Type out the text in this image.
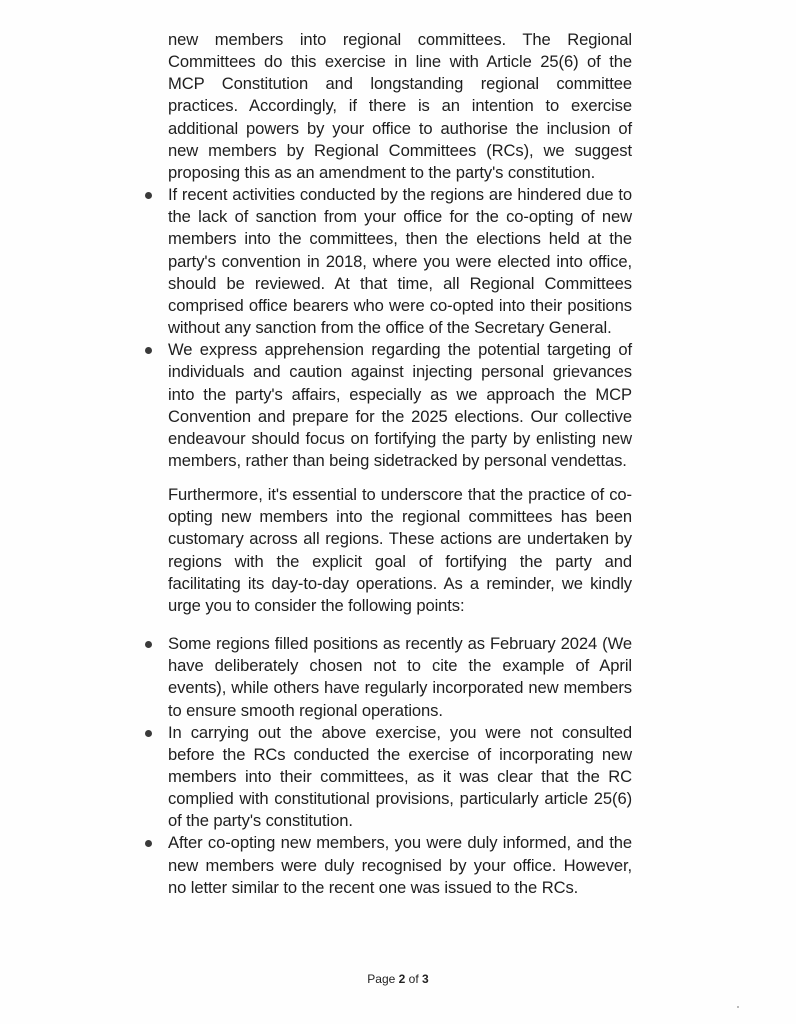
new members into regional committees. The Regional Committees do this exercise in line with Article 25(6) of the MCP Constitution and longstanding regional committee practices. Accordingly, if there is an intention to exercise additional powers by your office to authorise the inclusion of new members by Regional Committees (RCs), we suggest proposing this as an amendment to the party's constitution.

If recent activities conducted by the regions are hindered due to the lack of sanction from your office for the co-opting of new members into the committees, then the elections held at the party's convention in 2018, where you were elected into office, should be reviewed. At that time, all Regional Committees comprised office bearers who were co-opted into their positions without any sanction from the office of the Secretary General.
We express apprehension regarding the potential targeting of individuals and caution against injecting personal grievances into the party's affairs, especially as we approach the MCP Convention and prepare for the 2025 elections. Our collective endeavour should focus on fortifying the party by enlisting new members, rather than being sidetracked by personal vendettas.

Furthermore, it's essential to underscore that the practice of co-opting new members into the regional committees has been customary across all regions. These actions are undertaken by regions with the explicit goal of fortifying the party and facilitating its day-to-day operations. As a reminder, we kindly urge you to consider the following points:

Some regions filled positions as recently as February 2024 (We have deliberately chosen not to cite the example of April events), while others have regularly incorporated new members to ensure smooth regional operations.
In carrying out the above exercise, you were not consulted before the RCs conducted the exercise of incorporating new members into their committees, as it was clear that the RC complied with constitutional provisions, particularly article 25(6) of the party's constitution.
After co-opting new members, you were duly informed, and the new members were duly recognised by your office. However, no letter similar to the recent one was issued to the RCs.
Page 2 of 3
